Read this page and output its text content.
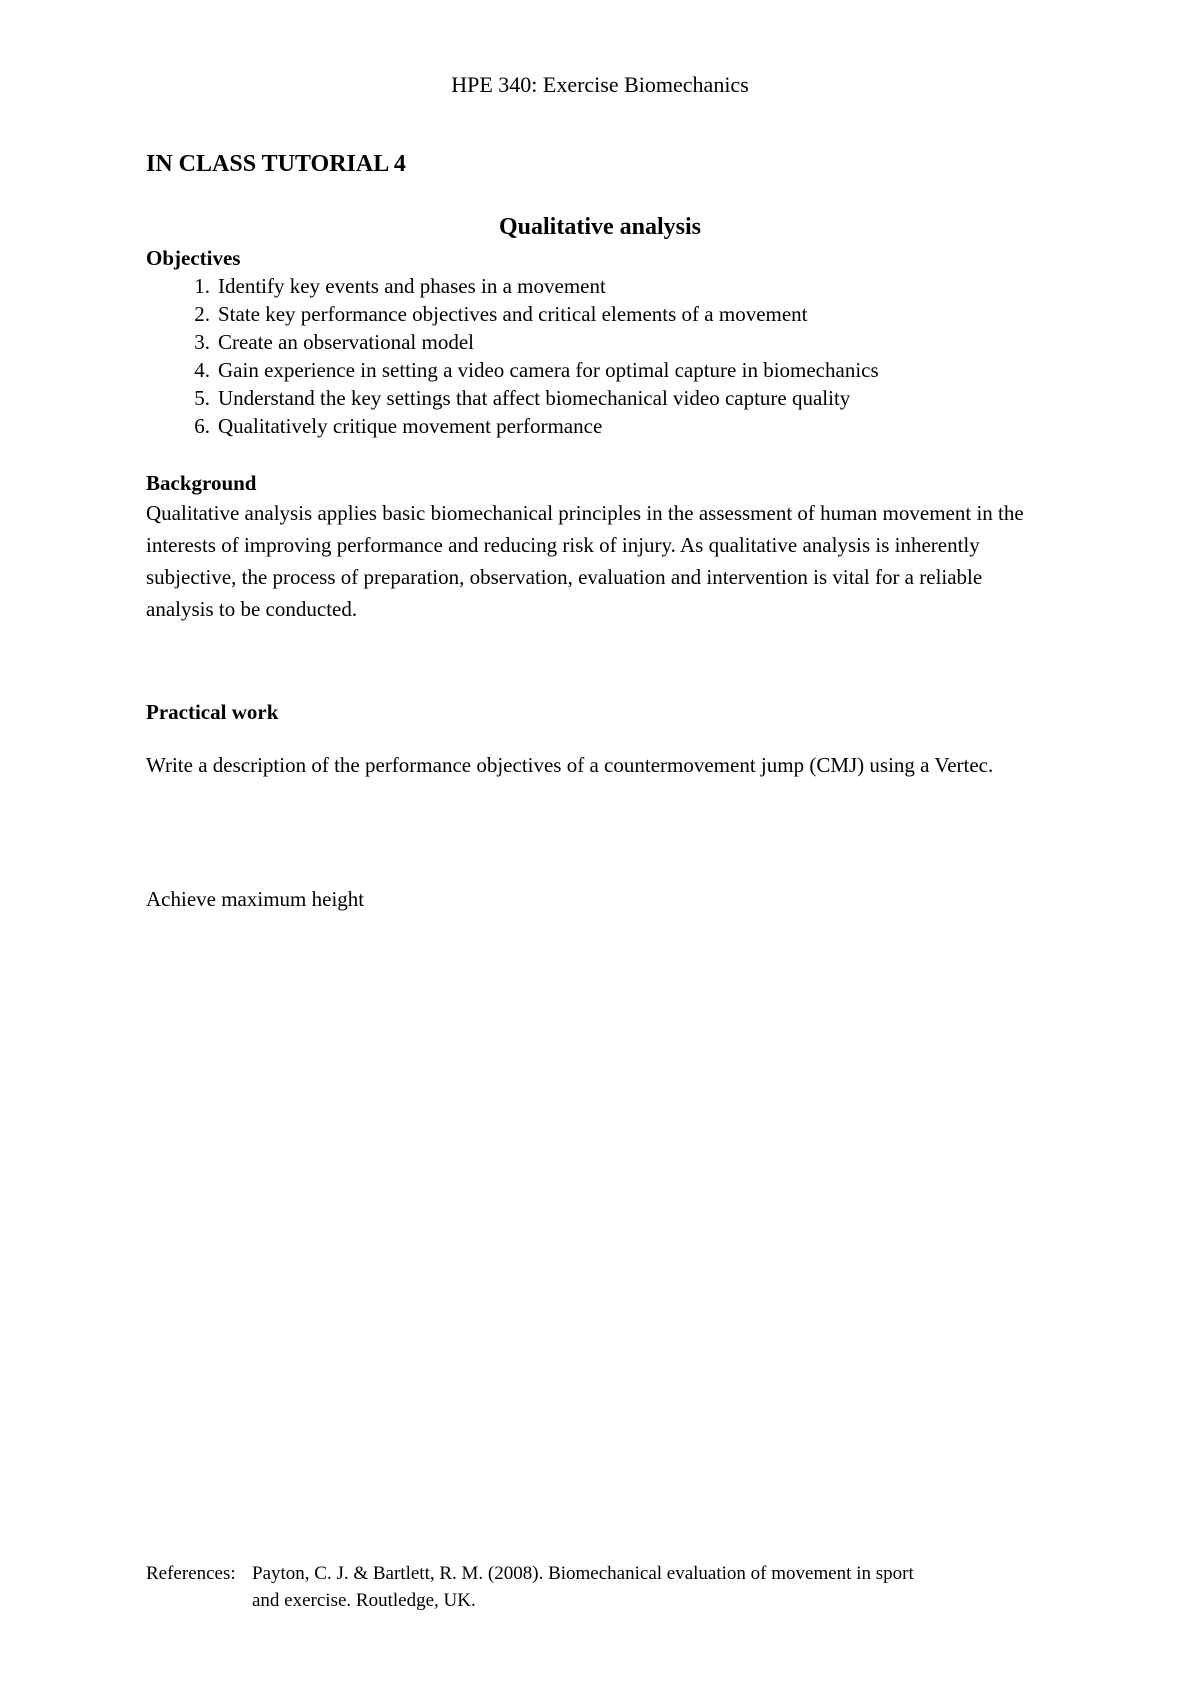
HPE 340: Exercise Biomechanics
IN CLASS TUTORIAL 4
Qualitative analysis
Objectives
1. Identify key events and phases in a movement
2. State key performance objectives and critical elements of a movement
3. Create an observational model
4. Gain experience in setting a video camera for optimal capture in biomechanics
5. Understand the key settings that affect biomechanical video capture quality
6. Qualitatively critique movement performance
Background
Qualitative analysis applies basic biomechanical principles in the assessment of human movement in the interests of improving performance and reducing risk of injury. As qualitative analysis is inherently subjective, the process of preparation, observation, evaluation and intervention is vital for a reliable analysis to be conducted.
Practical work
Write a description of the performance objectives of a countermovement jump (CMJ) using a Vertec.
Achieve maximum height
References: Payton, C. J. & Bartlett, R. M. (2008). Biomechanical evaluation of movement in sport
and exercise. Routledge, UK.
